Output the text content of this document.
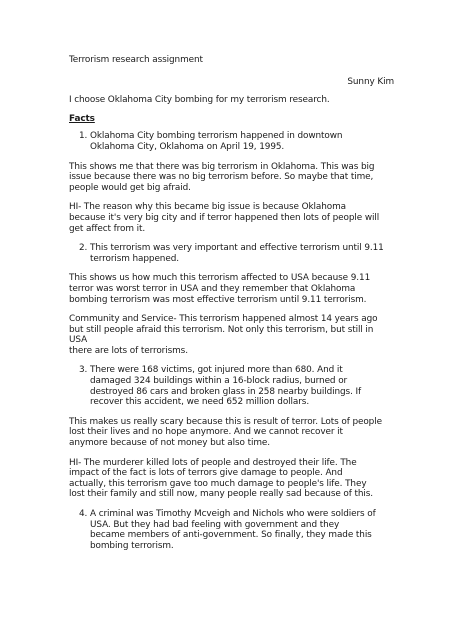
Terrorism research assignment

Sunny Kim

I choose Oklahoma City bombing for my terrorism research.

Facts

1. Oklahoma City bombing terrorism happened in downtown
Oklahoma City, Oklahoma on April 19, 1995.

This shows me that there was big terrorism in Oklahoma. This was big
issue because there was no big terrorism before. So maybe that time,
people would get big afraid.

HI- The reason why this became big issue is because Oklahoma
because it's very big city and if terror happened then lots of people will
get affect from it.

2. This terrorism was very important and effective terrorism until 9.11
terrorism happened.

This shows us how much this terrorism affected to USA because 9.11
terror was worst terror in USA and they remember that Oklahoma
bombing terrorism was most effective terrorism until 9.11 terrorism.

Community and Service- This terrorism happened almost 14 years ago
but still people afraid this terrorism. Not only this terrorism, but still in USA
there are lots of terrorisms.

3. There were 168 victims, got injured more than 680. And it
damaged 324 buildings within a 16-block radius, burned or
destroyed 86 cars and broken glass in 258 nearby buildings. If
recover this accident, we need 652 million dollars.

This makes us really scary because this is result of terror. Lots of people
lost their lives and no hope anymore. And we cannot recover it
anymore because of not money but also time.

HI- The murderer killed lots of people and destroyed their life. The
impact of the fact is lots of terrors give damage to people. And
actually, this terrorism gave too much damage to people's life. They
lost their family and still now, many people really sad because of this.

4. A criminal was Timothy Mcveigh and Nichols who were soldiers of
USA. But they had bad feeling with government and they
became members of anti-government. So finally, they made this
bombing terrorism.
